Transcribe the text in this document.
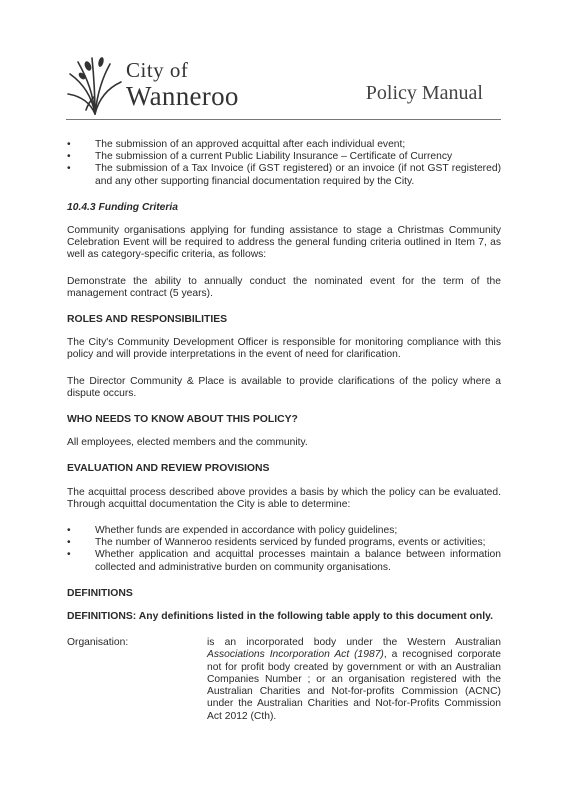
City of
Wanneroo	Policy Manual
• The submission of an approved acquittal after each individual event;
• The submission of a current Public Liability Insurance – Certificate of Currency
• The submission of a Tax Invoice (if GST registered) or an invoice (if not GST registered) and any other supporting financial documentation required by the City.
10.4.3 Funding Criteria

Community organisations applying for funding assistance to stage a Christmas Community Celebration Event will be required to address the general funding criteria outlined in Item 7, as well as category-specific criteria, as follows:

Demonstrate the ability to annually conduct the nominated event for the term of the management contract (5 years).

ROLES AND RESPONSIBILITIES

The City's Community Development Officer is responsible for monitoring compliance with this policy and will provide interpretations in the event of need for clarification.

The Director Community & Place is available to provide clarifications of the policy where a dispute occurs.

WHO NEEDS TO KNOW ABOUT THIS POLICY?

All employees, elected members and the community.

EVALUATION AND REVIEW PROVISIONS

The acquittal process described above provides a basis by which the policy can be evaluated. Through acquittal documentation the City is able to determine:

• Whether funds are expended in accordance with policy guidelines;
• The number of Wanneroo residents serviced by funded programs, events or activities;
• Whether application and acquittal processes maintain a balance between information collected and administrative burden on community organisations.
DEFINITIONS
DEFINITIONS: Any definitions listed in the following table apply to this document only.
Organisation:	is an incorporated body under the Western Australian Associations Incorporation Act (1987), a recognised corporate not for profit body created by government or with an Australian Companies Number ; or an organisation registered with the Australian Charities and Not-for-profits Commission (ACNC) under the Australian Charities and Not-for-Profits Commission Act 2012 (Cth).
